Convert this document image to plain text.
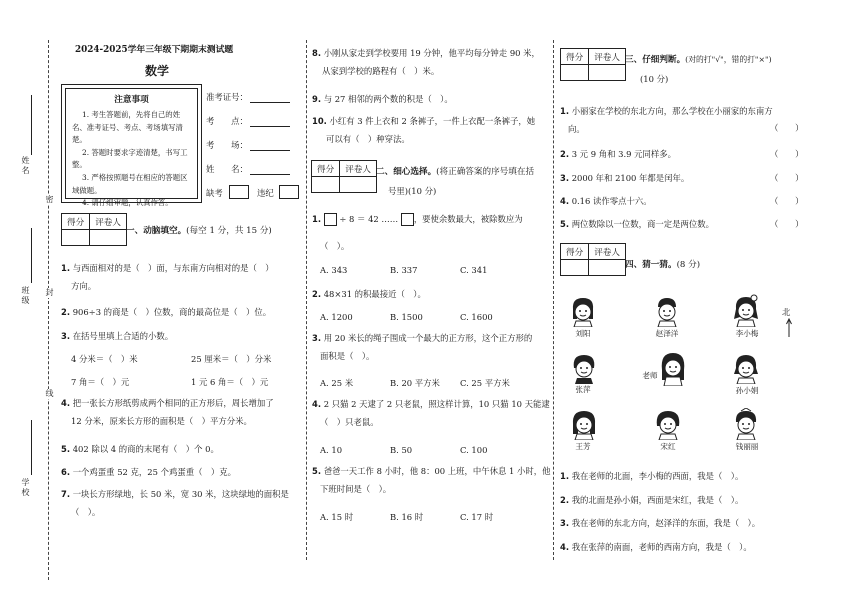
姓名
班级
学校
密
封
线
2024-2025学年三年级下期期末测试题
数学
注意事项
1. 考生答题前，先将自己的姓名、准考证号、考点、考场填写清楚。
2. 答题时要求字迹清楚，书写工整。
3. 严格按照题号在相应的答题区域做题。
4. 请仔细审题，认真作答。
准考证号：
考　　点：
考　　场：
姓　　名：
缺考	违纪
得分	评卷人

一、动脑填空。(每空 1 分，共 15 分)
1. 与西面相对的是（　）面，与东南方向相对的是（　）
方向。
2. 906÷3 的商是（　）位数，商的最高位是（　）位。
3. 在括号里填上合适的小数。
4 分米＝（　）米	25 厘米＝（　）分米
7 角＝（　）元	1 元 6 角＝（　）元
4. 把一张长方形纸剪成两个相同的正方形后，周长增加了
12 分米，原来长方形的面积是（　）平方分米。
5. 402 除以 4 的商的末尾有（　）个 0。
6. 一个鸡蛋重 52 克，25 个鸡蛋重（　）克。
7. 一块长方形绿地，长 50 米，宽 30 米，这块绿地的面积是
（　）。
8. 小刚从家走到学校要用 19 分钟，他平均每分钟走 90 米，
从家到学校的路程有（　）米。
9. 与 27 相邻的两个数的积是（　）。
10. 小红有 3 件上衣和 2 条裤子，一件上衣配一条裤子，她
可以有（　）种穿法。
得分	评卷人
	二、细心选择。(将正确答案的序号填在括
号里)(10 分)
1. ÷ 8 ＝ 42 …… ，要使余数最大，被除数应为
（　）。
A. 343	B. 337	C. 341
2. 48×31 的积最接近（　）。
A. 1200	B. 1500	C. 1600
3. 用 20 米长的绳子围成一个最大的正方形，这个正方形的
面积是（　）。
A. 25 米	B. 20 平方米 C. 25 平方米
4. 2 只猫 2 天逮了 2 只老鼠，照这样计算，10 只猫 10 天能逮
（　）只老鼠。
A. 10	B. 50	C. 100
5. 爸爸一天工作 8 小时，他 8：00 上班，中午休息 1 小时，他
下班时间是（　）。
A. 15 时	B. 16 时	C. 17 时
得分	评卷人
	三、仔细判断。(对的打"√"，错的打"×")
(10 分)
1. 小丽家在学校的东北方向，那么学校在小丽家的东南方
向。	（　　）
2. 3 元 9 角和 3.9 元同样多。	（　　）
3. 2000 年和 2100 年都是闰年。	（　　）
4. 0.16 读作零点十六。	（　　）
5. 两位数除以一位数，商一定是两位数。	（　　）
得分	评卷人

四、猜一猜。(8 分)
北
刘阳	赵泽洋	李小梅
张萍
老师
孙小娟
王芳	宋红	钱丽丽
1. 我在老师的北面，李小梅的西面，我是（　）。
2. 我的北面是孙小娟，西面是宋红，我是（　）。
3. 我在老师的东北方向，赵泽洋的东面，我是（　）。
4. 我在张萍的南面，老师的西南方向，我是（　）。
